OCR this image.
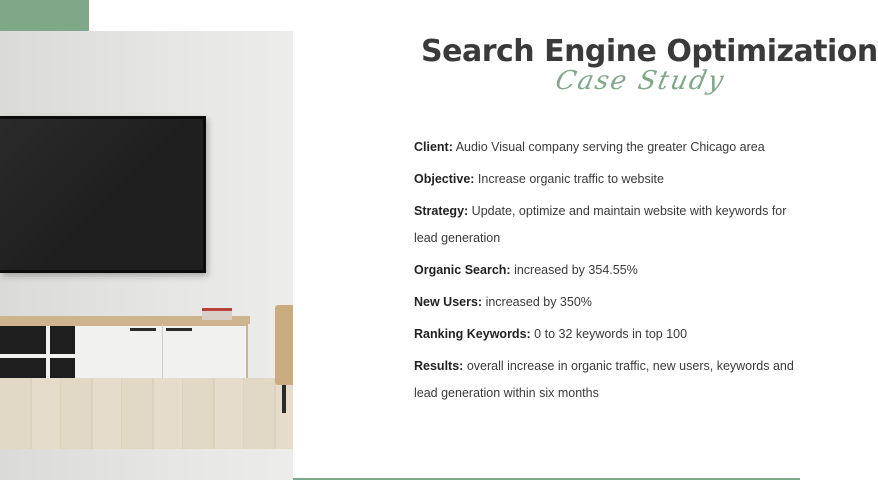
Search Engine Optimization
Case Study

Client: Audio Visual company serving the greater Chicago area

Objective: Increase organic traffic to website

Strategy: Update, optimize and maintain website with keywords for lead generation

Organic Search: increased by 354.55%

New Users: increased by 350%

Ranking Keywords: 0 to 32 keywords in top 100

Results: overall increase in organic traffic, new users, keywords and lead generation within six months
